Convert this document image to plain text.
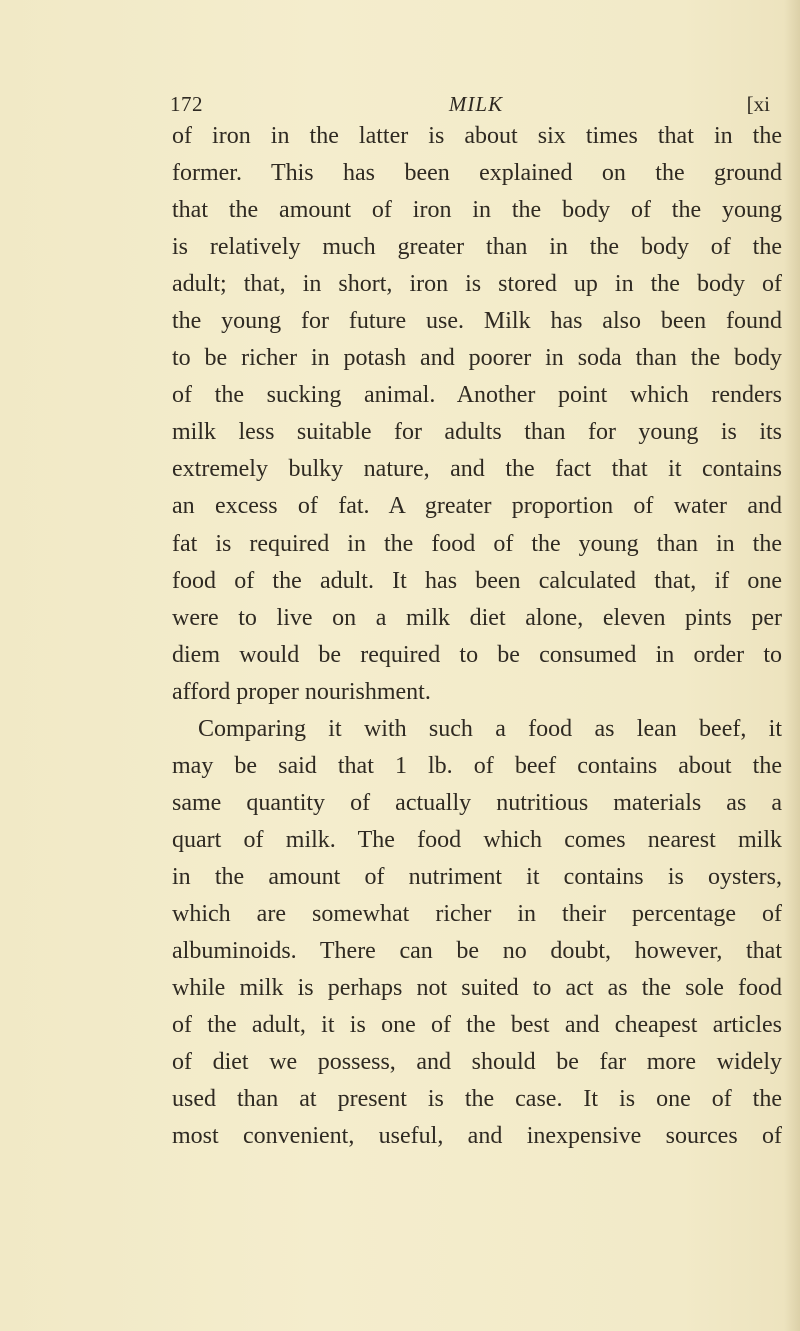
172	MILK	[xi
of iron in the latter is about six times that in the
former. This has been explained on the ground
that the amount of iron in the body of the young
is relatively much greater than in the body of the
adult; that, in short, iron is stored up in the body of
the young for future use. Milk has also been found
to be richer in potash and poorer in soda than the body
of the sucking animal. Another point which renders
milk less suitable for adults than for young is its
extremely bulky nature, and the fact that it contains
an excess of fat. A greater proportion of water and
fat is required in the food of the young than in the
food of the adult. It has been calculated that, if one
were to live on a milk diet alone, eleven pints per
diem would be required to be consumed in order to
afford proper nourishment.
Comparing it with such a food as lean beef, it
may be said that 1 lb. of beef contains about the
same quantity of actually nutritious materials as a
quart of milk. The food which comes nearest milk
in the amount of nutriment it contains is oysters,
which are somewhat richer in their percentage of
albuminoids. There can be no doubt, however, that
while milk is perhaps not suited to act as the sole food
of the adult, it is one of the best and cheapest articles
of diet we possess, and should be far more widely
used than at present is the case. It is one of the
most convenient, useful, and inexpensive sources of
